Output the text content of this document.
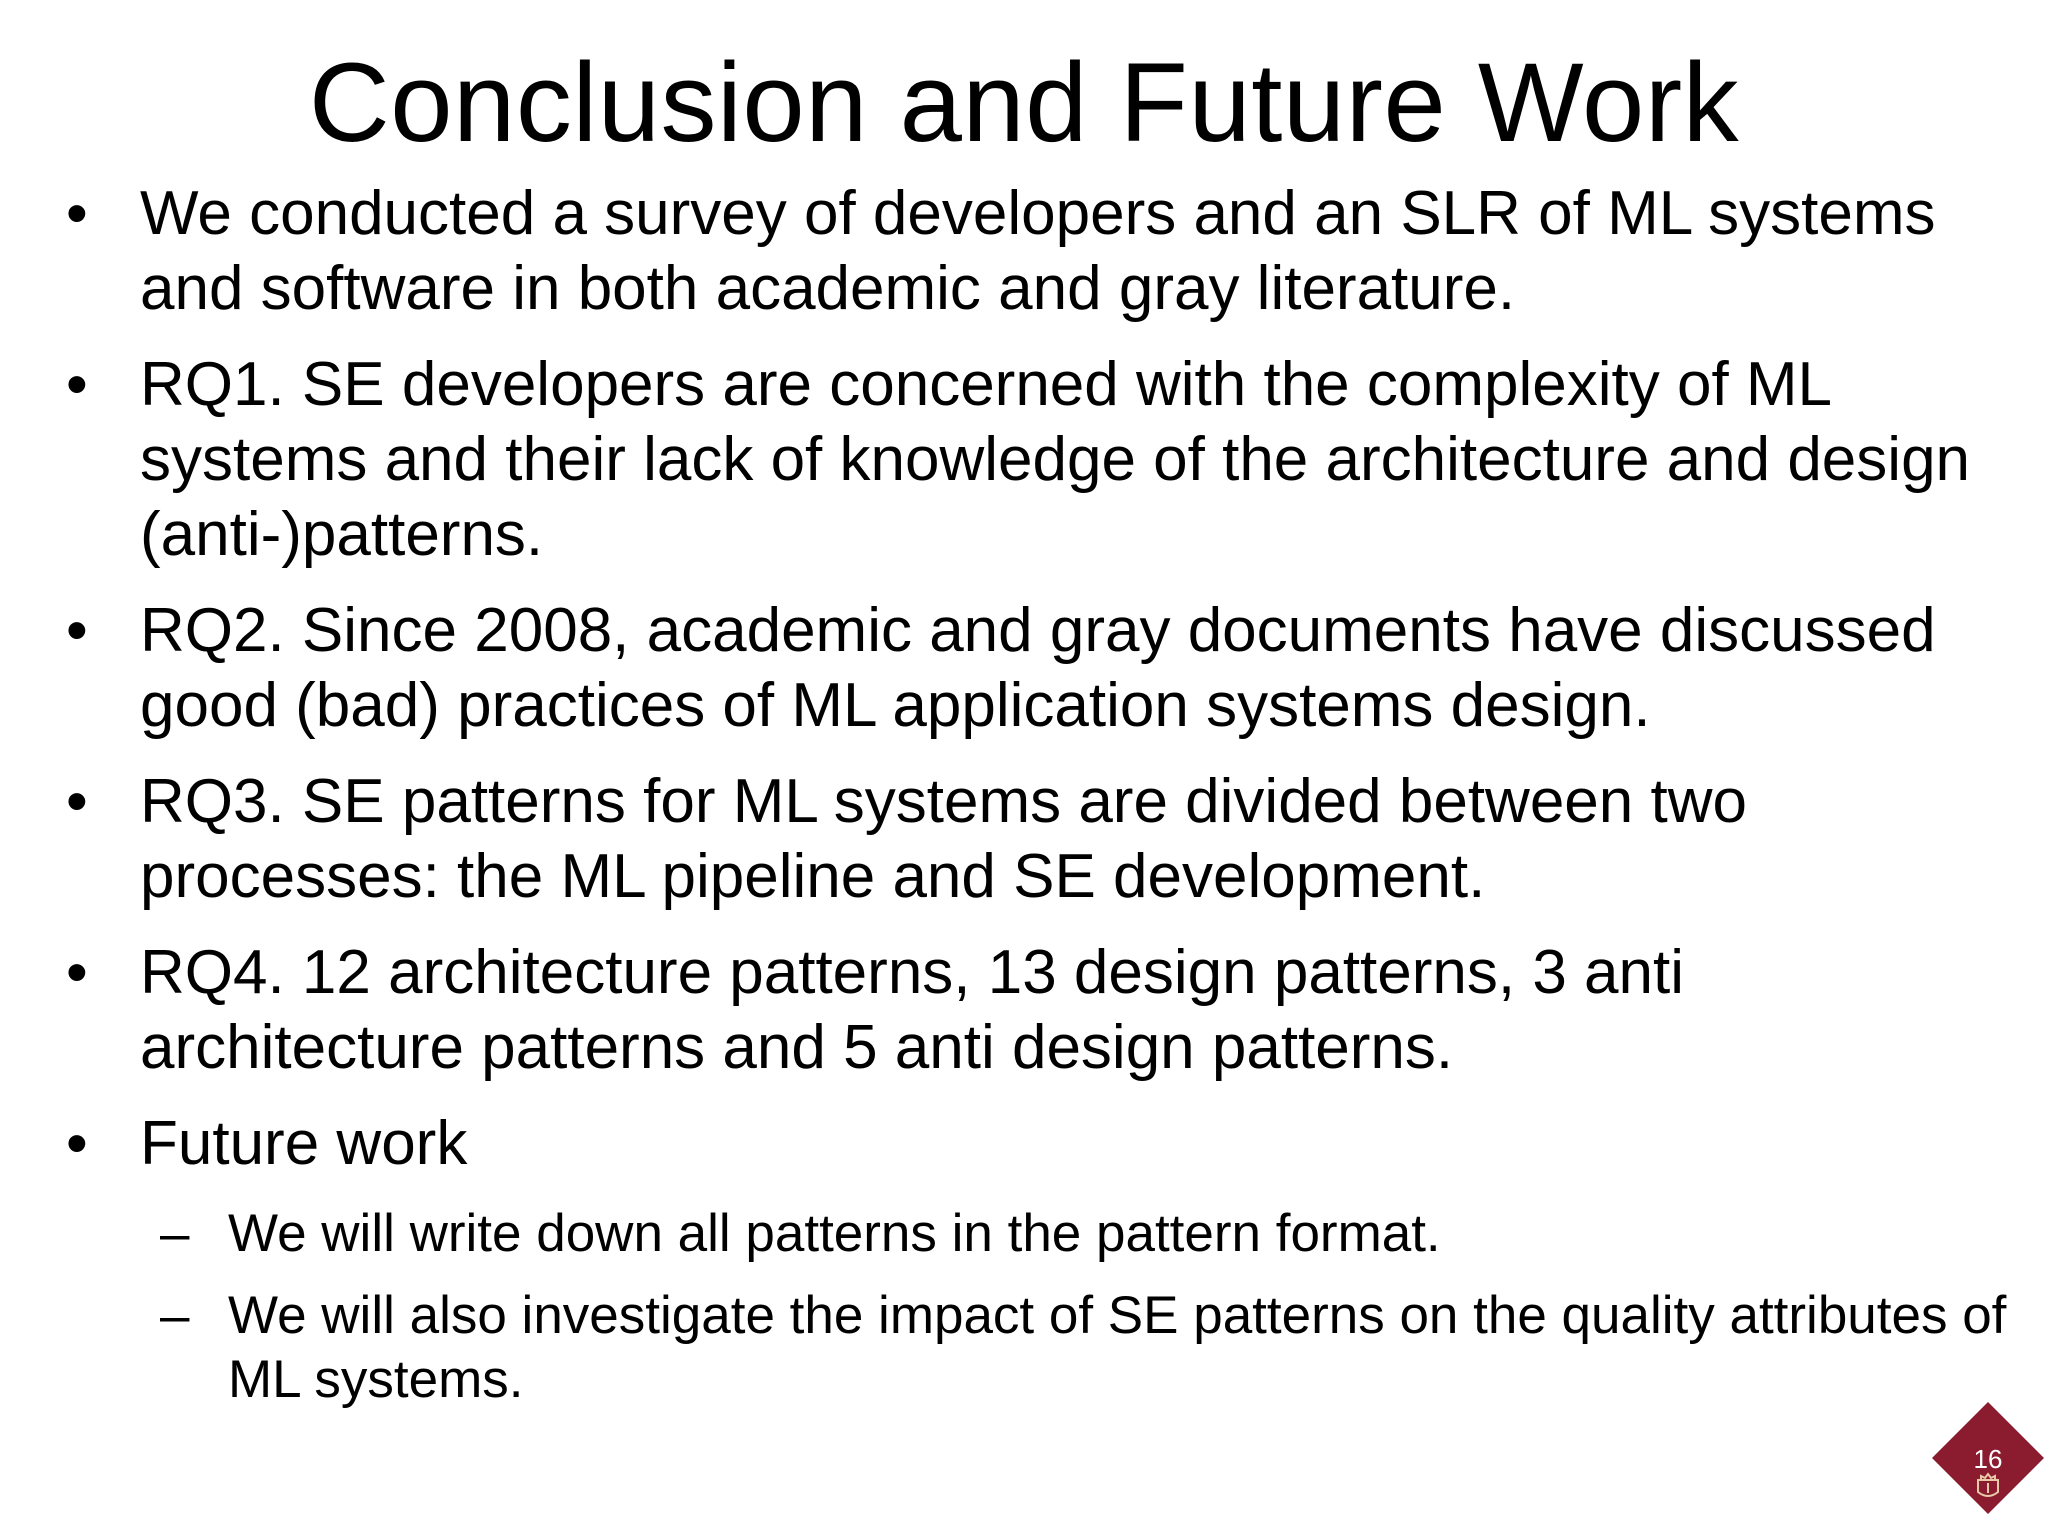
Conclusion and Future Work
• We conducted a survey of developers and an SLR of ML systems and software in both academic and gray literature.
• RQ1. SE developers are concerned with the complexity of ML systems and their lack of knowledge of the architecture and design (anti-)patterns.
• RQ2. Since 2008, academic and gray documents have discussed good (bad) practices of ML application systems design.
• RQ3. SE patterns for ML systems are divided between two processes: the ML pipeline and SE development.
• RQ4. 12 architecture patterns, 13 design patterns, 3 anti architecture patterns and 5 anti design patterns.
• Future work
– We will write down all patterns in the pattern format.
– We will also investigate the impact of SE patterns on the quality attributes of ML systems.
16
